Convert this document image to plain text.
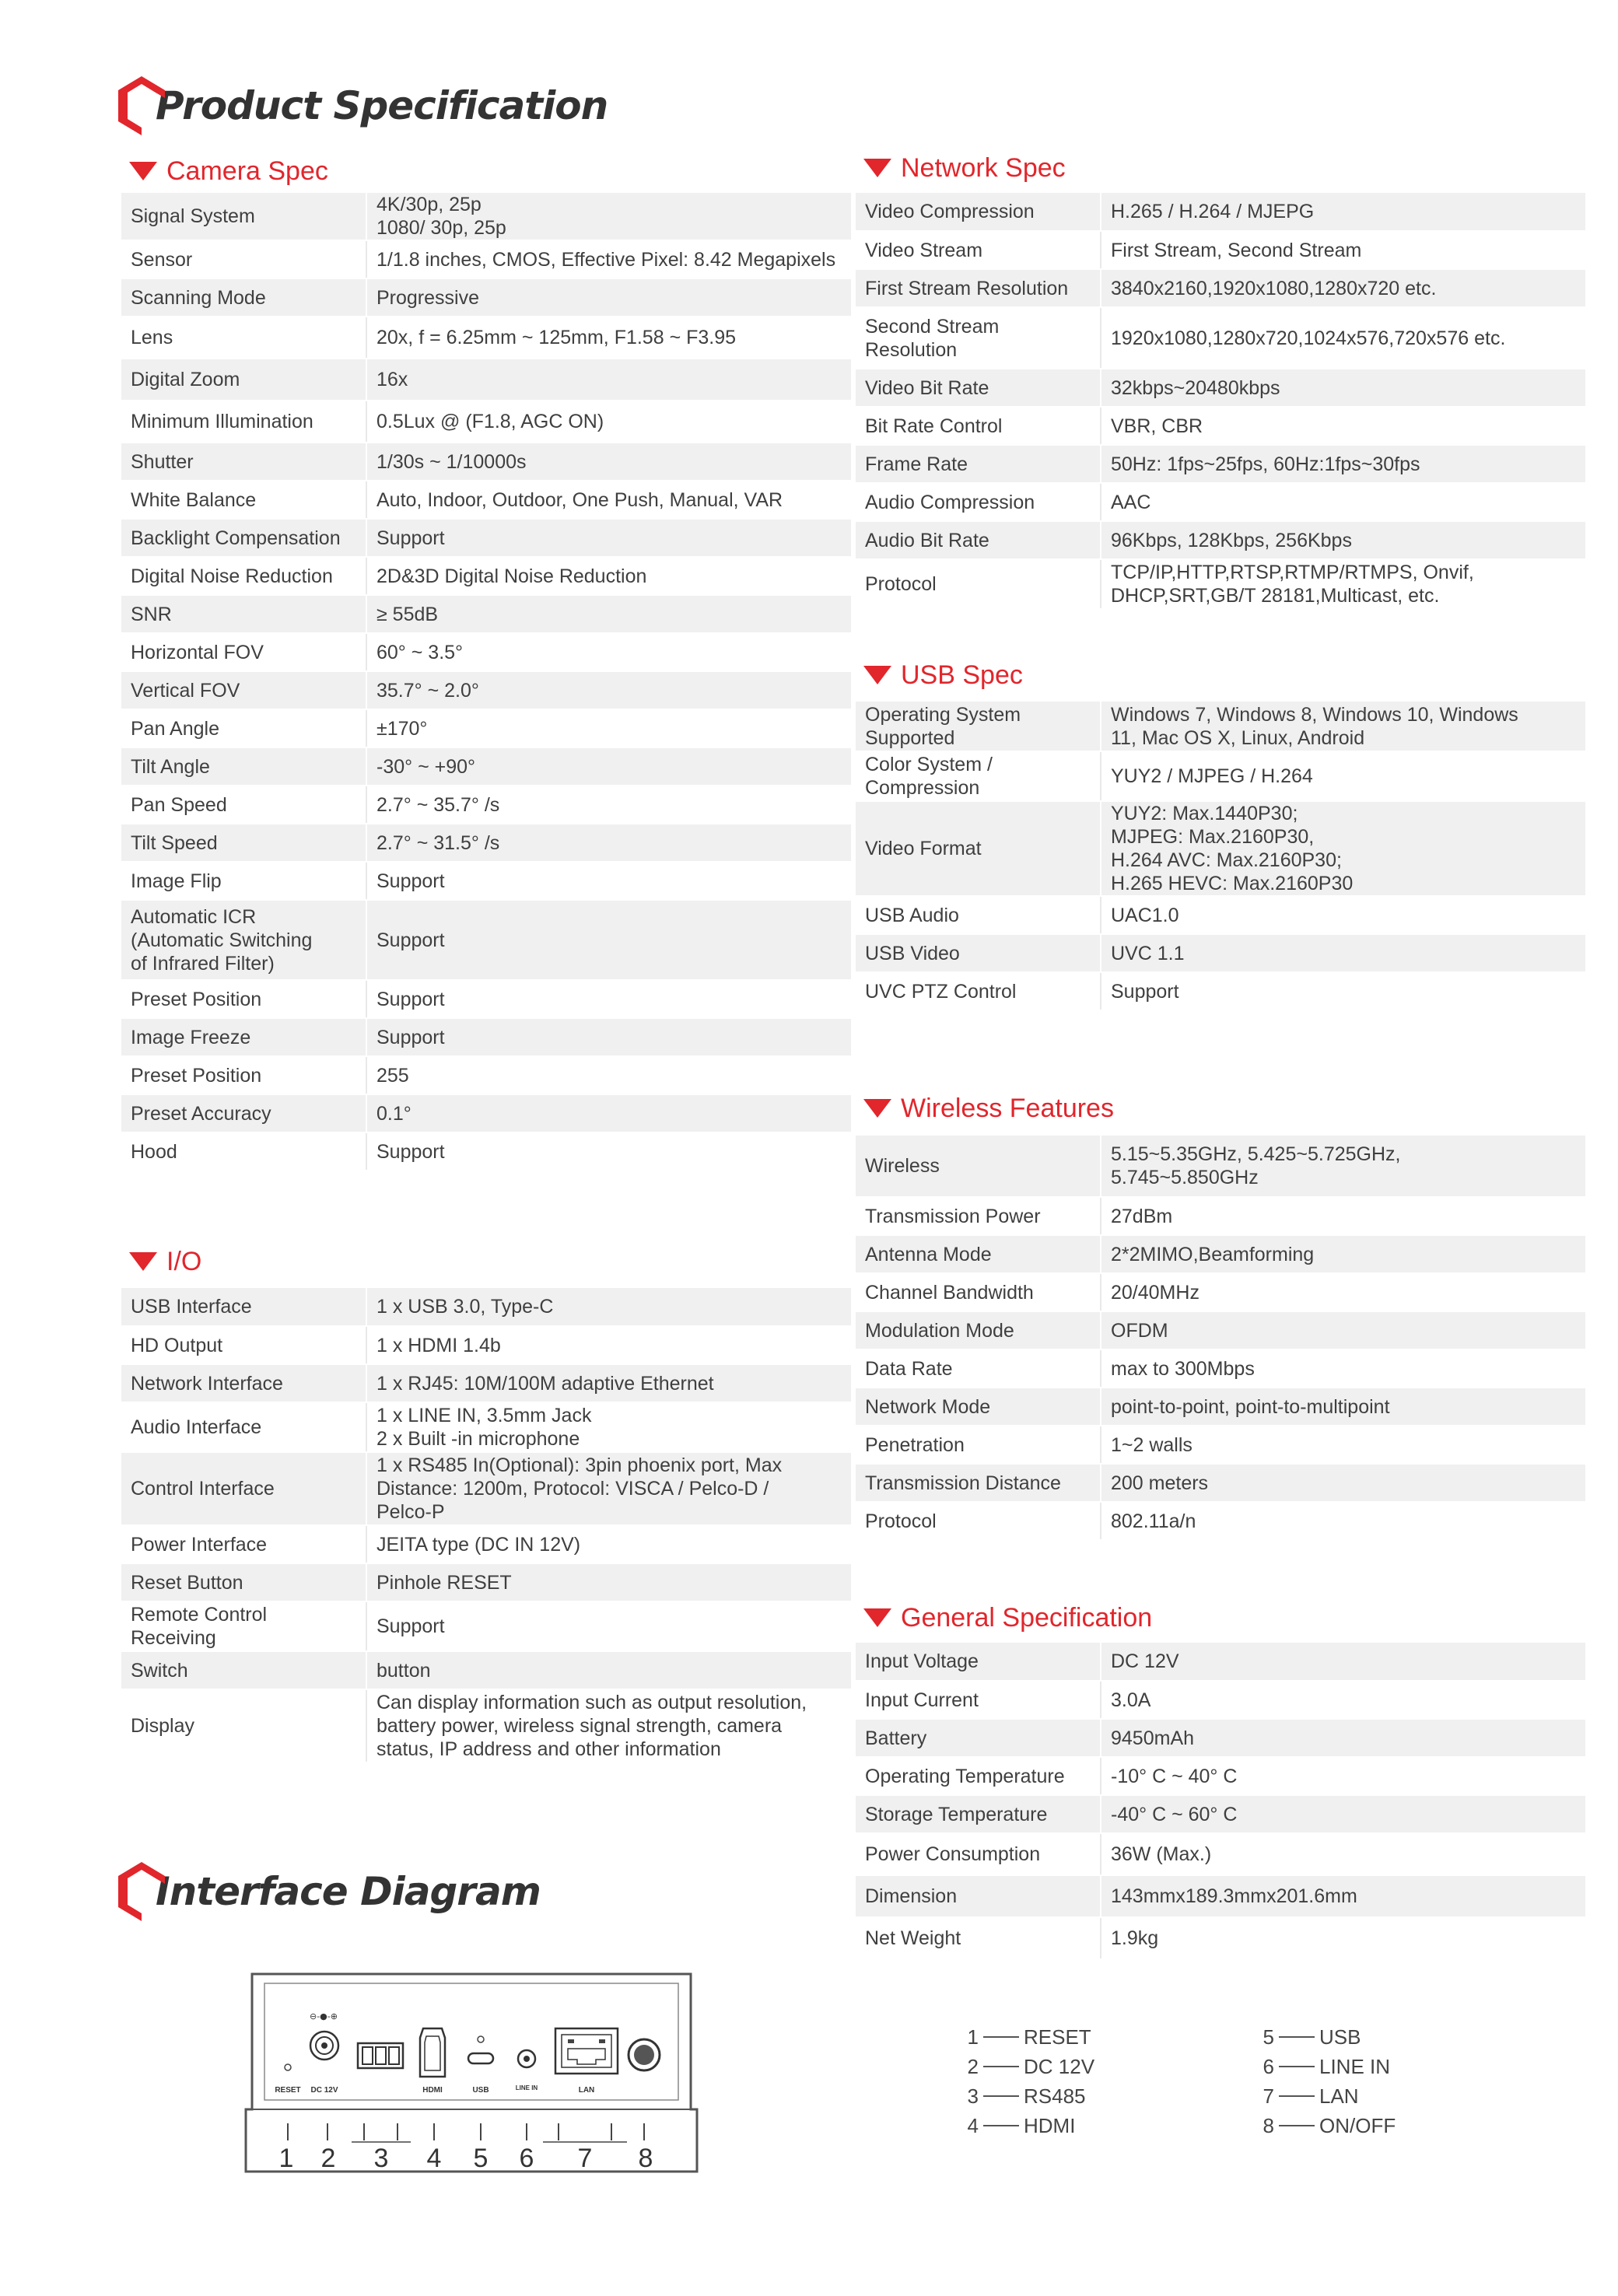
Product Specification
Camera Spec
I/O
Network Spec
USB Spec
Wireless Features
General Specification
Signal System	4K/30p, 25p
1080/ 30p, 25p
Sensor	1/1.8 inches, CMOS, Effective Pixel: 8.42 Megapixels
Scanning Mode	Progressive
Lens	20x, f = 6.25mm ~ 125mm, F1.58 ~ F3.95
Digital Zoom	16x
Minimum Illumination	0.5Lux @ (F1.8, AGC ON)
Shutter	1/30s ~ 1/10000s
White Balance	Auto, Indoor, Outdoor, One Push, Manual, VAR
Backlight Compensation	Support
Digital Noise Reduction	2D&3D Digital Noise Reduction
SNR	≥ 55dB
Horizontal FOV	60° ~ 3.5°
Vertical FOV	35.7° ~ 2.0°
Pan Angle	±170°
Tilt Angle	-30° ~ +90°
Pan Speed	2.7° ~ 35.7° /s
Tilt Speed	2.7° ~ 31.5° /s
Image Flip	Support
Automatic ICR
(Automatic Switching
of Infrared Filter)	Support
Preset Position	Support
Image Freeze	Support
Preset Position	255
Preset Accuracy	0.1°
Hood	Support
USB Interface	1 x USB 3.0, Type-C
HD Output	1 x HDMI 1.4b
Network Interface	1 x RJ45: 10M/100M adaptive Ethernet
Audio Interface	1 x LINE IN, 3.5mm Jack
2 x Built -in microphone
Control Interface	1 x RS485 In(Optional): 3pin phoenix port, Max
Distance: 1200m, Protocol: VISCA / Pelco-D /
Pelco-P
Power Interface	JEITA type (DC IN 12V)
Reset Button	Pinhole RESET
Remote Control
Receiving	Support
Switch	button
Display	Can display information such as output resolution,
battery power, wireless signal strength, camera
status, IP address and other information
Video Compression	H.265 / H.264 / MJEPG
Video Stream	First Stream, Second Stream
First Stream Resolution	3840x2160,1920x1080,1280x720 etc.
Second Stream
Resolution	1920x1080,1280x720,1024x576,720x576 etc.
Video Bit Rate	32kbps~20480kbps
Bit Rate Control	VBR, CBR
Frame Rate	50Hz: 1fps~25fps, 60Hz:1fps~30fps
Audio Compression	AAC
Audio Bit Rate	96Kbps, 128Kbps, 256Kbps
Protocol	TCP/IP,HTTP,RTSP,RTMP/RTMPS, Onvif,
DHCP,SRT,GB/T 28181,Multicast, etc.
Operating System
Supported	Windows 7, Windows 8, Windows 10, Windows
11, Mac OS X, Linux, Android
Color System /
Compression	YUY2 / MJPEG / H.264
Video Format	YUY2: Max.1440P30;
MJPEG: Max.2160P30,
H.264 AVC: Max.2160P30;
H.265 HEVC: Max.2160P30
USB Audio	UAC1.0
USB Video	UVC 1.1
UVC PTZ Control	Support
Wireless	5.15~5.35GHz, 5.425~5.725GHz,
5.745~5.850GHz
Transmission Power	27dBm
Antenna Mode	2*2MIMO,Beamforming
Channel Bandwidth	20/40MHz
Modulation Mode	OFDM
Data Rate	max to 300Mbps
Network Mode	point-to-point, point-to-multipoint
Penetration	1~2 walls
Transmission Distance	200 meters
Protocol	802.11a/n
Input Voltage	DC 12V
Input Current	3.0A
Battery	9450mAh
Operating Temperature	-10° C ~ 40° C
Storage Temperature	-40° C ~ 60° C
Power Consumption	36W (Max.)
Dimension	143mmx189.3mmx201.6mm
Net Weight	1.9kg
Interface Diagram
⊖-●-⊕
RESET DC 12V	HDMI	USB	LINE IN	LAN
1 2 3 4 5 6 7 8
1 RESET
2 DC 12V
3 RS485
4 HDMI
5 USB
6 LINE IN
7 LAN
8 ON/OFF
